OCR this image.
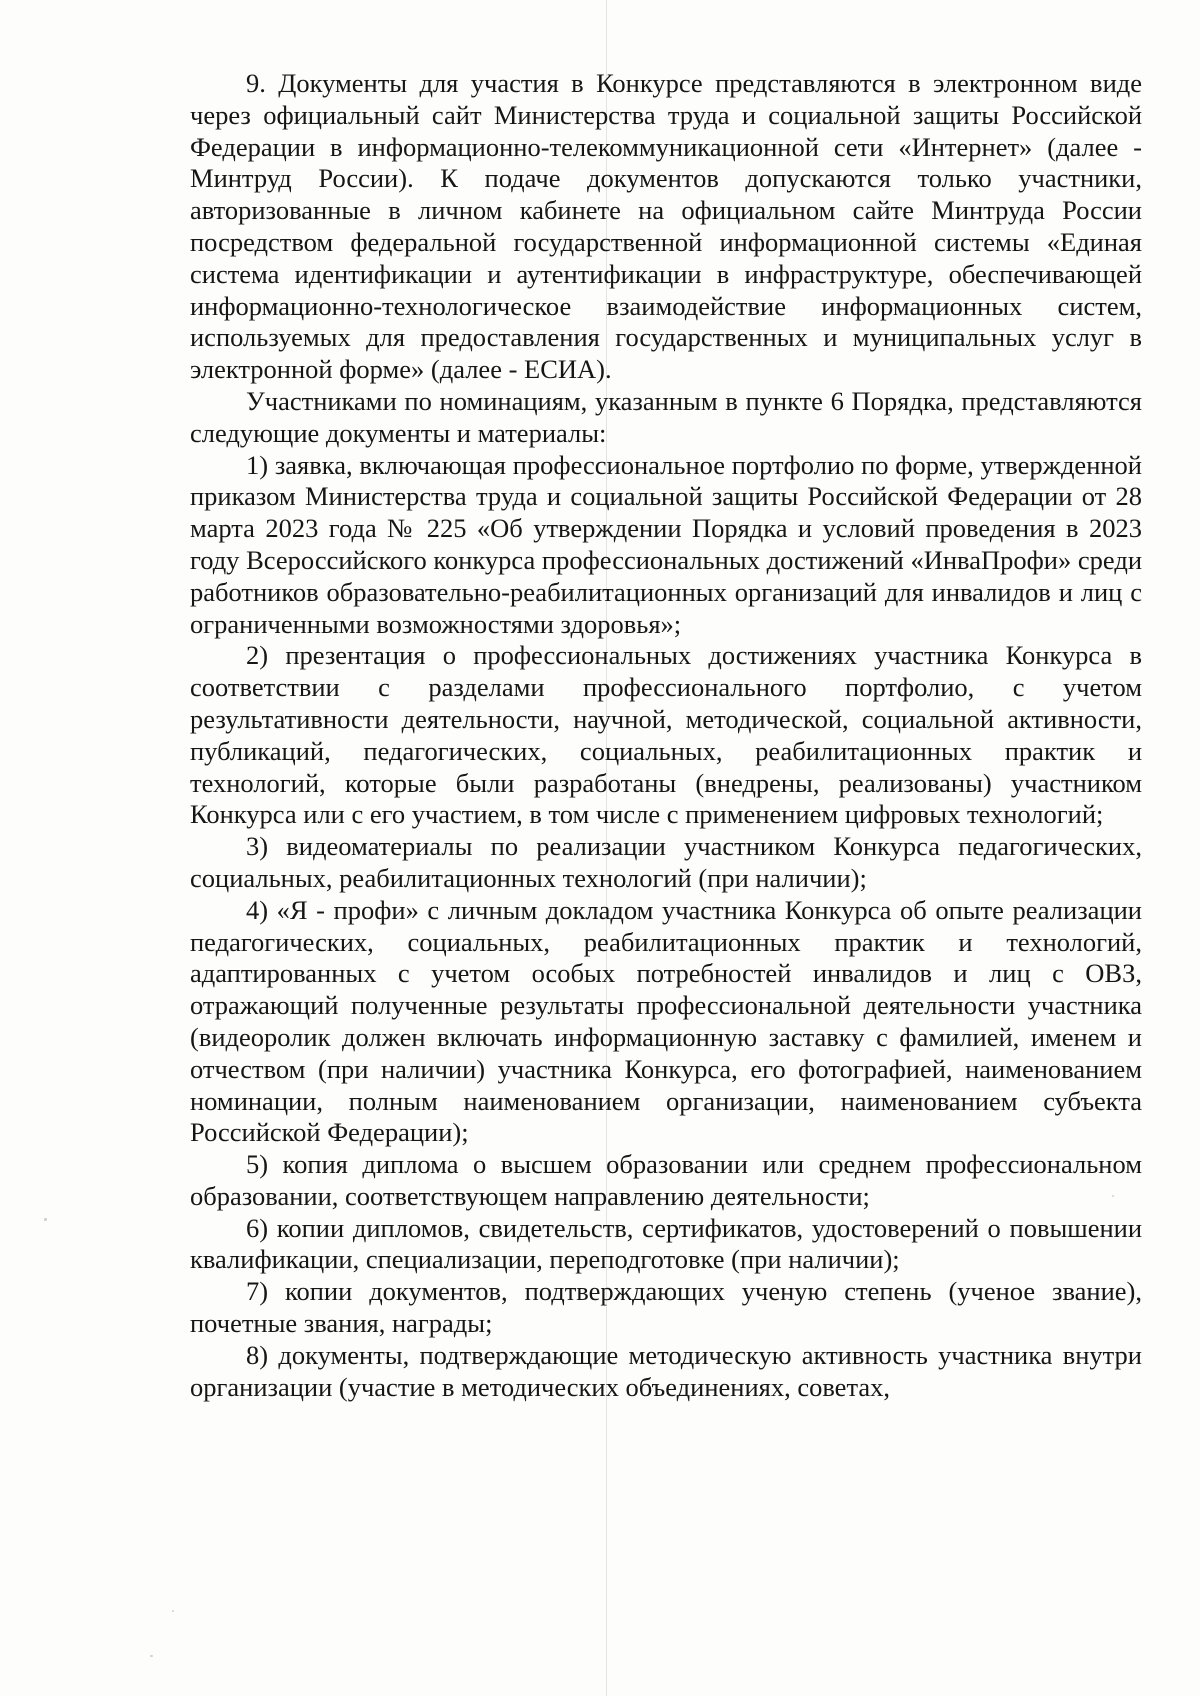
9. Документы для участия в Конкурсе представляются в электронном виде через официальный сайт Министерства труда и социальной защиты Российской Федерации в информационно-телекоммуникационной сети «Интернет» (далее - Минтруд России). К подаче документов допускаются только участники, авторизованные в личном кабинете на официальном сайте Минтруда России посредством федеральной государственной информационной системы «Единая система идентификации и аутентификации в инфраструктуре, обеспечивающей информационно-технологическое взаимодействие информационных систем, используемых для предоставления государственных и муниципальных услуг в электронной форме» (далее - ЕСИА).

Участниками по номинациям, указанным в пункте 6 Порядка, представляются следующие документы и материалы:

1) заявка, включающая профессиональное портфолио по форме, утвержденной приказом Министерства труда и социальной защиты Российской Федерации от 28 марта 2023 года № 225 «Об утверждении Порядка и условий проведения в 2023 году Всероссийского конкурса профессиональных достижений «ИнваПрофи» среди работников образовательно-реабилитационных организаций для инвалидов и лиц с ограниченными возможностями здоровья»;

2) презентация о профессиональных достижениях участника Конкурса в соответствии с разделами профессионального портфолио, с учетом результативности деятельности, научной, методической, социальной активности, публикаций, педагогических, социальных, реабилитационных практик и технологий, которые были разработаны (внедрены, реализованы) участником Конкурса или с его участием, в том числе с применением цифровых технологий;

3) видеоматериалы по реализации участником Конкурса педагогических, социальных, реабилитационных технологий (при наличии);

4) «Я - профи» с личным докладом участника Конкурса об опыте реализации педагогических, социальных, реабилитационных практик и технологий, адаптированных с учетом особых потребностей инвалидов и лиц с ОВЗ, отражающий полученные результаты профессиональной деятельности участника (видеоролик должен включать информационную заставку с фамилией, именем и отчеством (при наличии) участника Конкурса, его фотографией, наименованием номинации, полным наименованием организации, наименованием субъекта Российской Федерации);

5) копия диплома о высшем образовании или среднем профессиональном образовании, соответствующем направлению деятельности;

6) копии дипломов, свидетельств, сертификатов, удостоверений о повышении квалификации, специализации, переподготовке (при наличии);

7) копии документов, подтверждающих ученую степень (ученое звание), почетные звания, награды;

8) документы, подтверждающие методическую активность участника внутри организации (участие в методических объединениях, советах,
